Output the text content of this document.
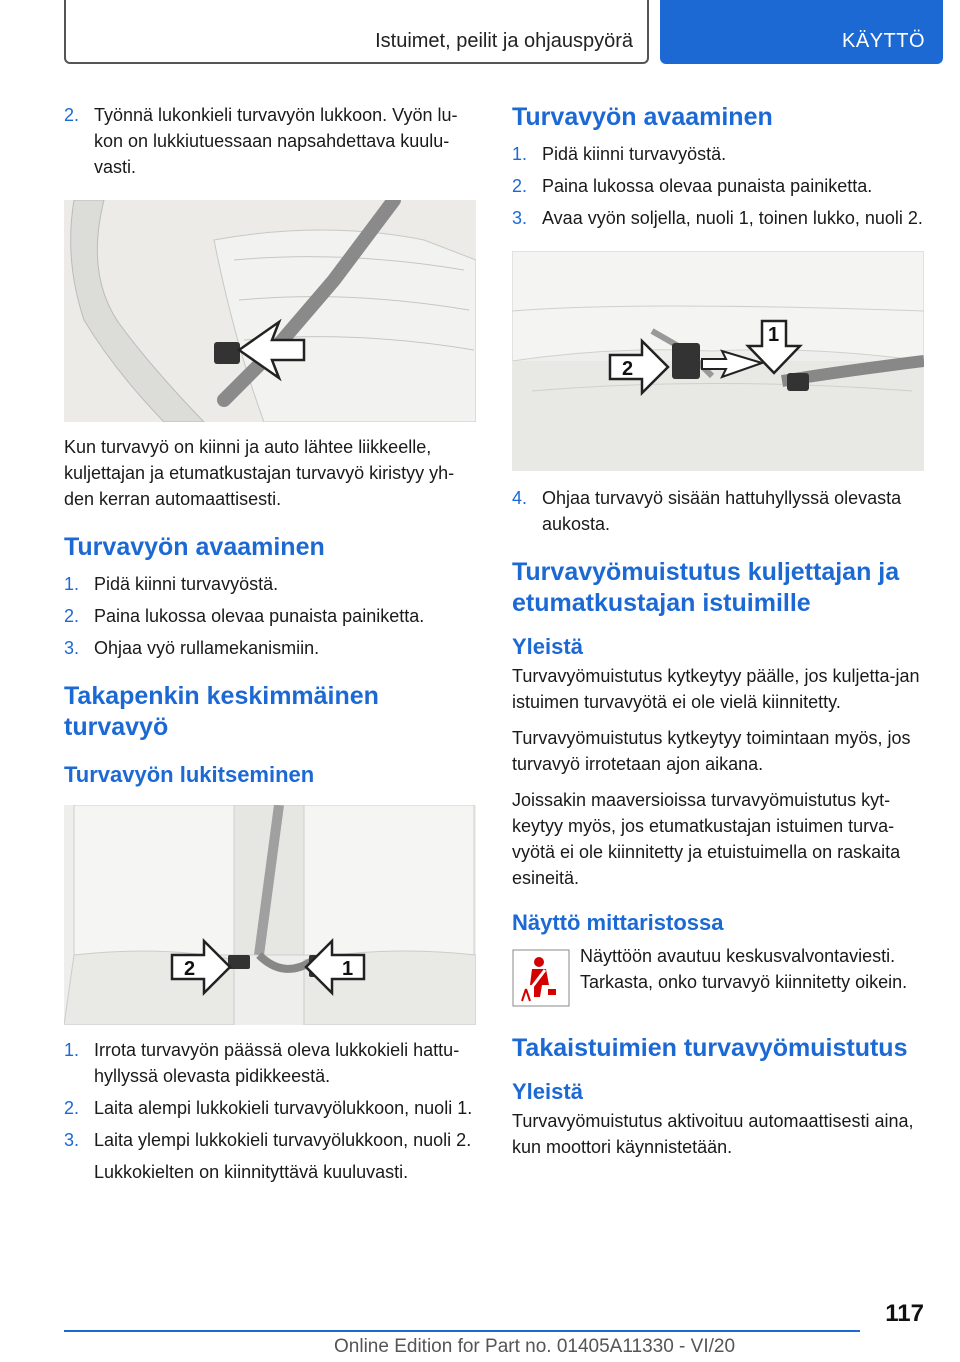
Istuimet, peilit ja ohjauspyörä	KÄYTTÖ
2. Työnnä lukonkieli turvavyön lukkoon. Vyön lu-kon on lukkiutuessaan napsahdettava kuulu-vasti.

Kun turvavyö on kiinni ja auto lähtee liikkeelle, kuljettajan ja etumatkustajan turvavyö kiristyy yh-den kerran automaattisesti.

Turvavyön avaaminen
1. Pidä kiinni turvavyöstä.
2. Paina lukossa olevaa punaista painiketta.
3. Ohjaa vyö rullamekanismiin.
Takapenkin keskimmäinen turvavyö
Turvavyön lukitseminen
2	1
1. Irrota turvavyön päässä oleva lukkokieli hattu-hyllyssä olevasta pidikkeestä.
2. Laita alempi lukkokieli turvavyölukkoon, nuoli 1.
3. Laita ylempi lukkokieli turvavyölukkoon, nuoli 2.

Lukkokielten on kiinnityttävä kuuluvasti.

Turvavyön avaaminen
1. Pidä kiinni turvavyöstä.
2. Paina lukossa olevaa punaista painiketta.
3. Avaa vyön soljella, nuoli 1, toinen lukko, nuoli 2.
2
1
4. Ohjaa turvavyö sisään hattuhyllyssä olevasta aukosta.
Turvavyömuistutus kuljettajan ja etumatkustajan istuimille
Yleistä

Turvavyömuistutus kytkeytyy päälle, jos kuljetta-jan istuimen turvavyötä ei ole vielä kiinnitetty.

Turvavyömuistutus kytkeytyy toimintaan myös, jos turvavyö irrotetaan ajon aikana.

Joissakin maaversioissa turvavyömuistutus kyt-keytyy myös, jos etumatkustajan istuimen turva-vyötä ei ole kiinnitetty ja etuistuimella on raskaita esineitä.

Näyttö mittaristossa

Näyttöön avautuu keskusvalvontaviesti. Tarkasta, onko turvavyö kiinnitetty oikein.

Takaistuimien turvavyömuistutus
Yleistä

Turvavyömuistutus aktivoituu automaattisesti aina, kun moottori käynnistetään.

117
Online Edition for Part no. 01405A11330 - VI/20
